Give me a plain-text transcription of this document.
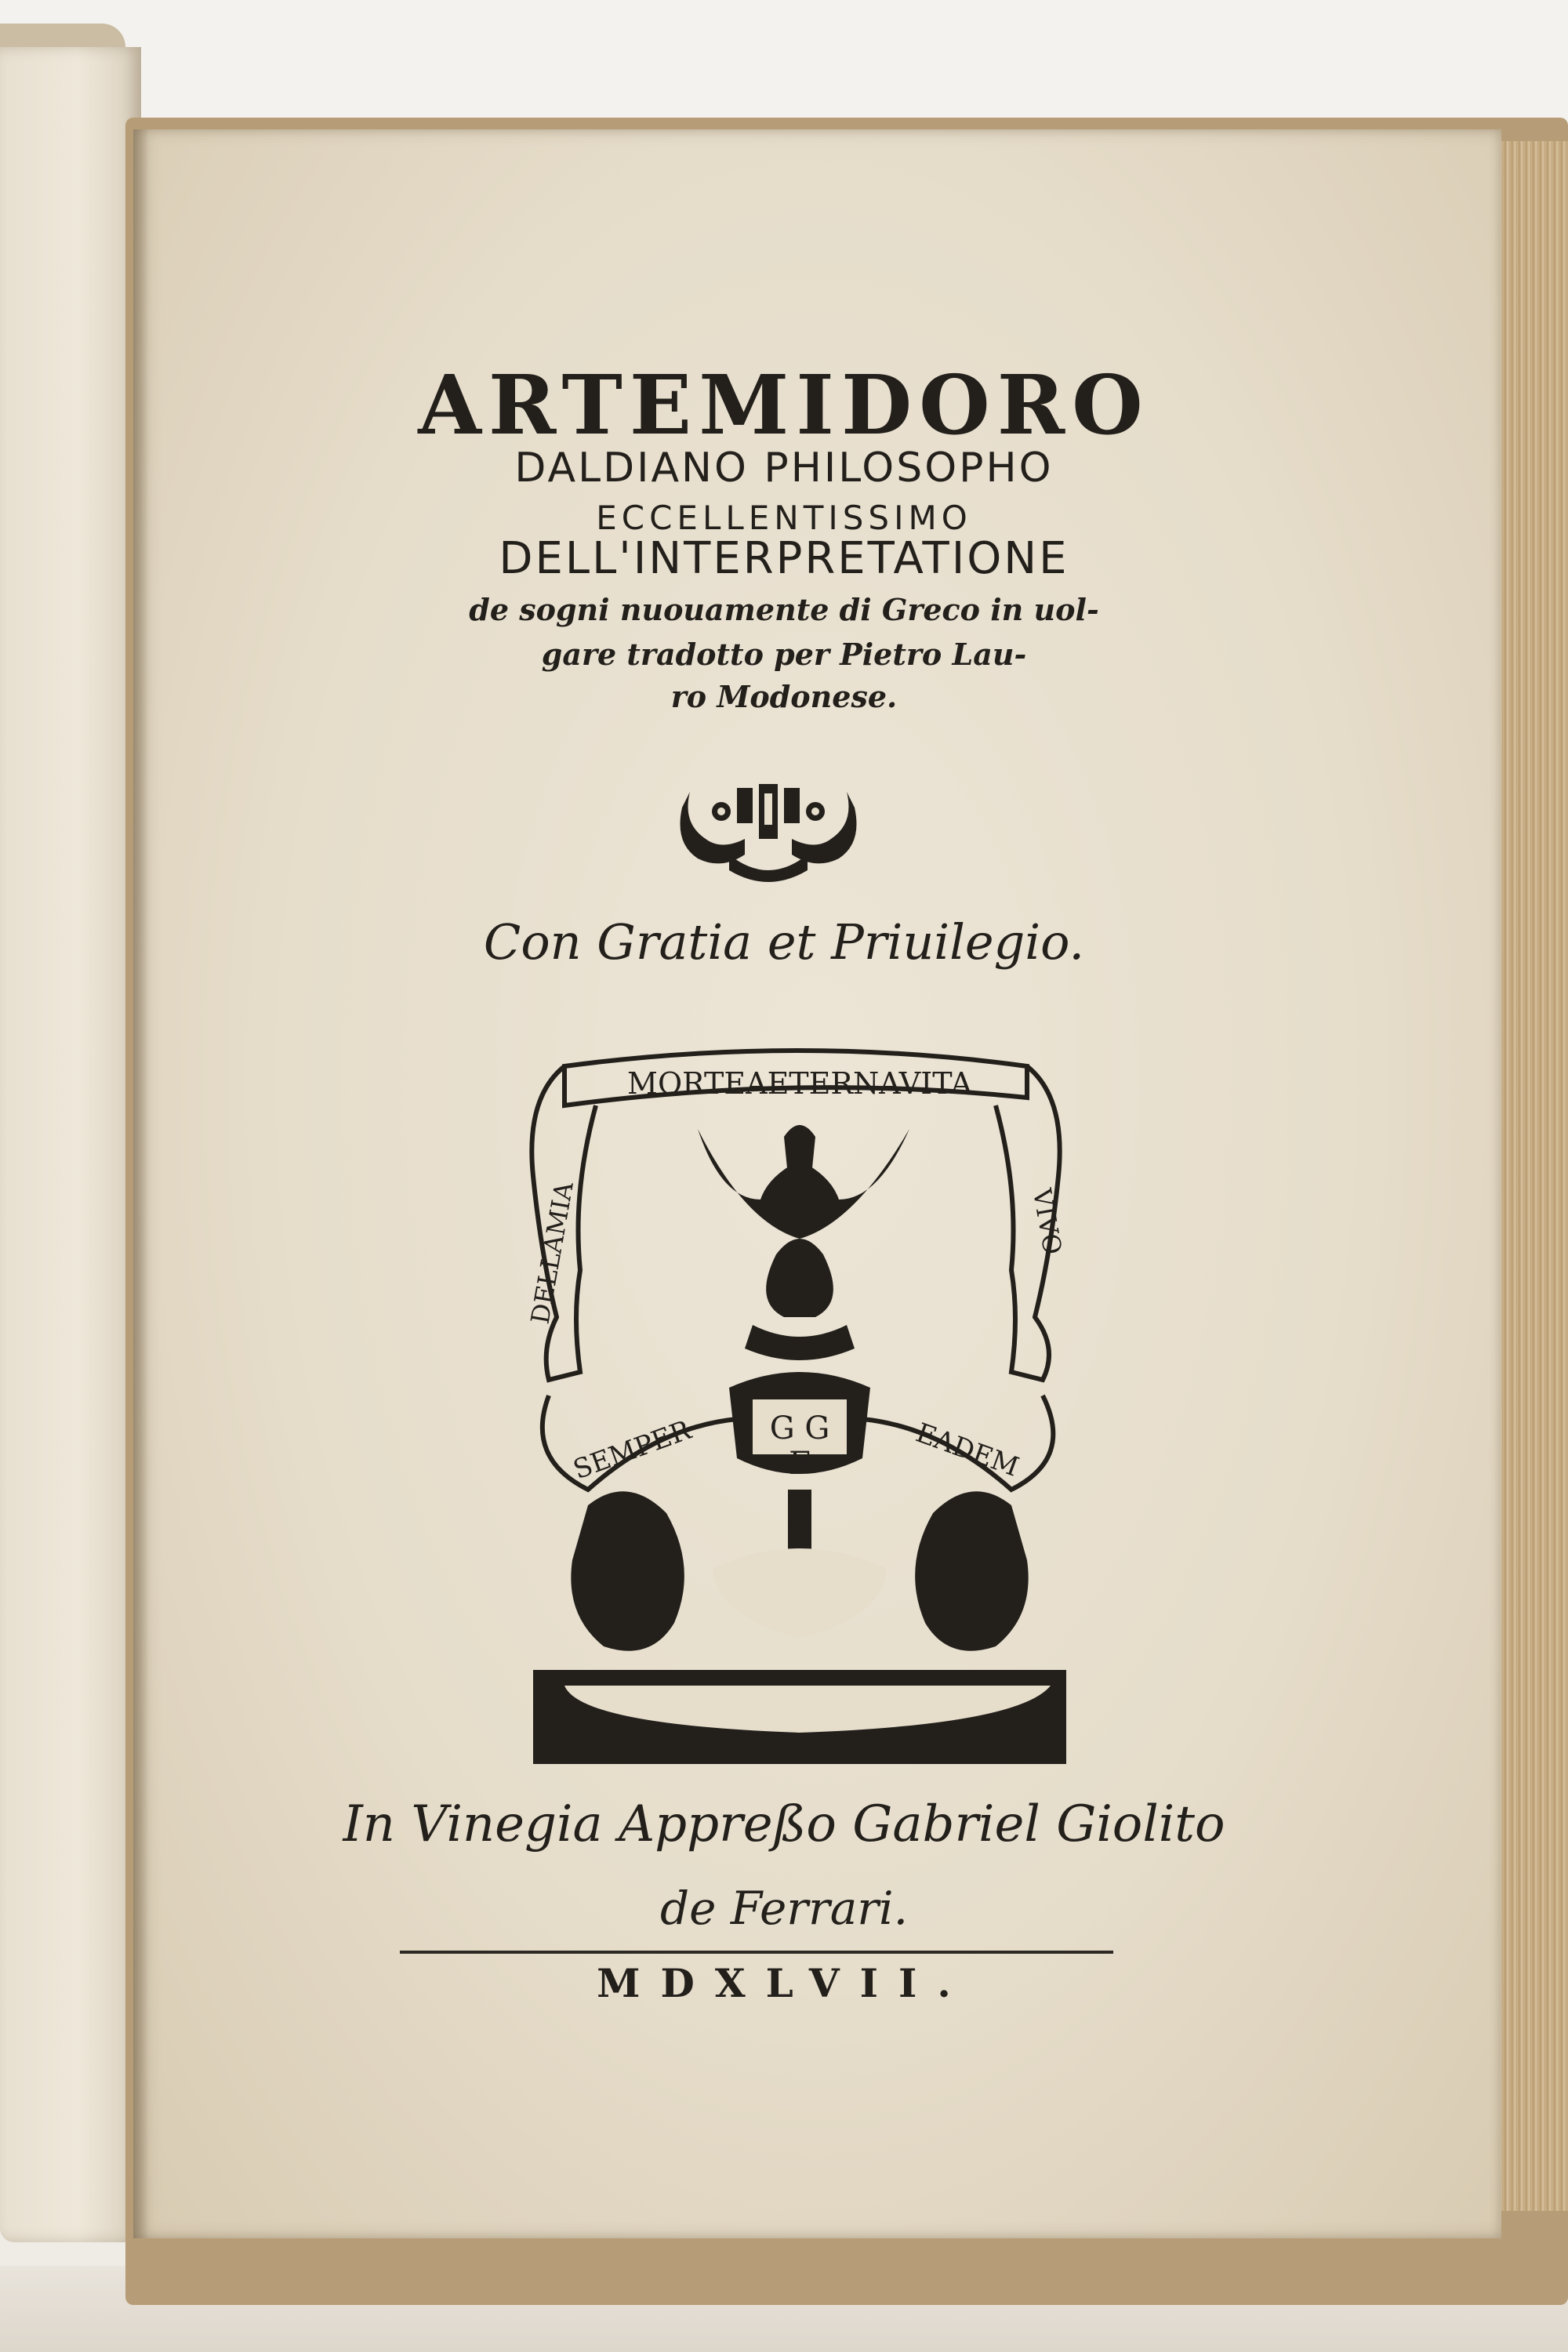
ARTEMIDORO
DALDIANO PHILOSOPHO
ECCELLENTISSIMO
DELL'INTERPRETATIONE
de sogni nuouamente di Greco in uol-
gare tradotto per Pietro Lau-
ro Modonese.
Con Gratia et Priuilegio.
MORTEAETERNAVITA
DELLAMIA	VIVO
SEMPER	EADEM
G G
F
In Vinegia Appreßo Gabriel Giolito
de Ferrari.
MDXLVII.
